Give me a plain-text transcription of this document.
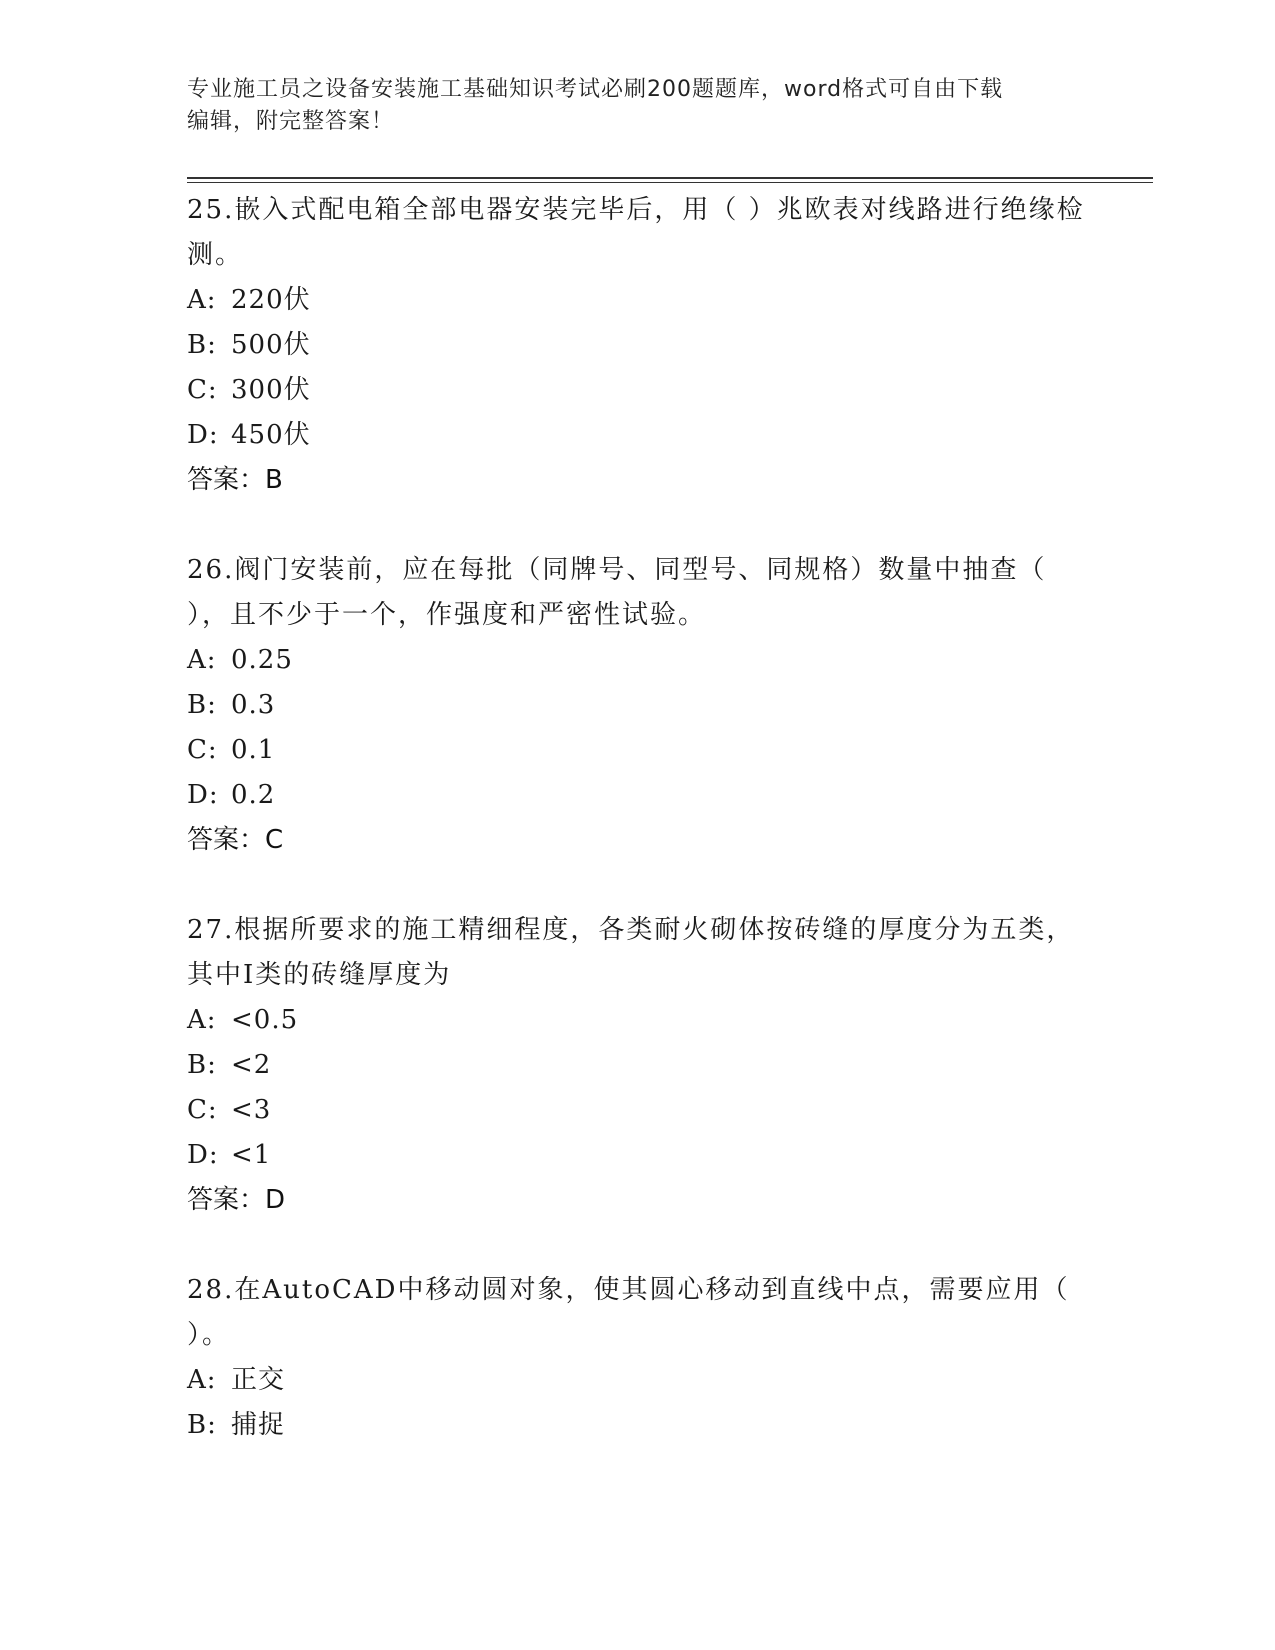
专业施工员之设备安装施工基础知识考试必刷200题题库，word格式可自由下载
编辑，附完整答案！

25.嵌入式配电箱全部电器安装完毕后，用（ ）兆欧表对线路进行绝缘检测。

A: 220伏
B: 500伏
C: 300伏
D: 450伏
答案：B

26.阀门安装前，应在每批（同牌号、同型号、同规格）数量中抽查（ ），且不少于一个，作强度和严密性试验。

A: 0.25
B: 0.3
C: 0.1
D: 0.2
答案：C

27.根据所要求的施工精细程度，各类耐火砌体按砖缝的厚度分为五类，其中I类的砖缝厚度为

A: <0.5
B: <2
C: <3
D: <1
答案：D

28.在AutoCAD中移动圆对象，使其圆心移动到直线中点，需要应用（ ）。

A: 正交
B: 捕捉
